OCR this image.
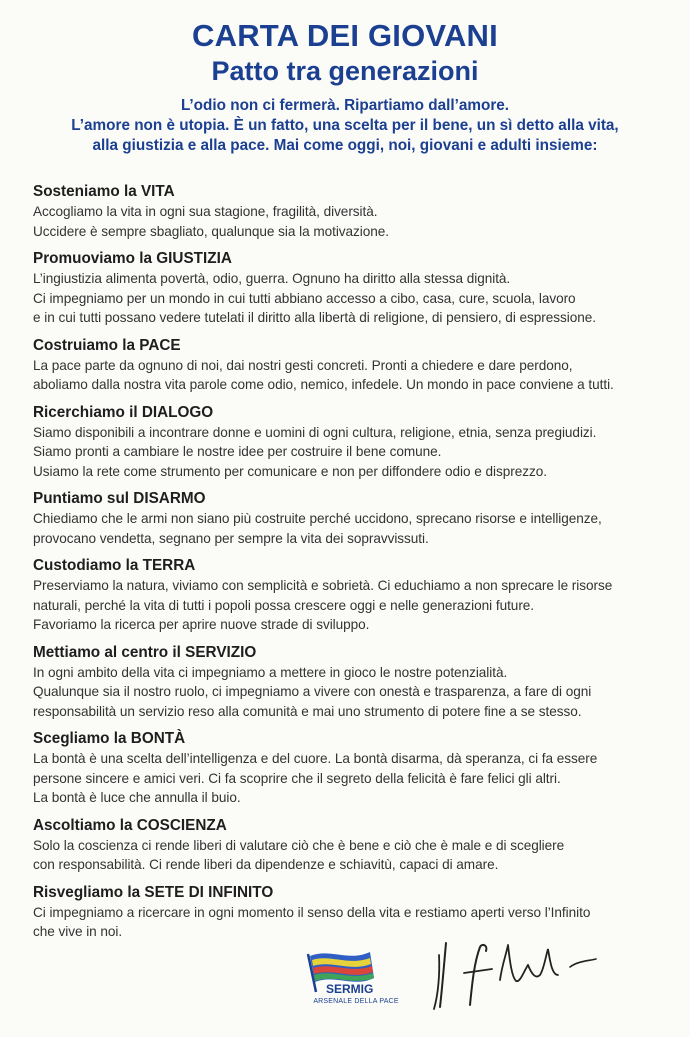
CARTA DEI GIOVANI
Patto tra generazioni
L’odio non ci fermerà. Ripartiamo dall’amore.
L’amore non è utopia. È un fatto, una scelta per il bene, un sì detto alla vita,
alla giustizia e alla pace. Mai come oggi, noi, giovani e adulti insieme:
Sosteniamo la VITA

Accogliamo la vita in ogni sua stagione, fragilità, diversità.

Uccidere è sempre sbagliato, qualunque sia la motivazione.

Promuoviamo la GIUSTIZIA

L’ingiustizia alimenta povertà, odio, guerra. Ognuno ha diritto alla stessa dignità.

Ci impegniamo per un mondo in cui tutti abbiano accesso a cibo, casa, cure, scuola, lavoro

e in cui tutti possano vedere tutelati il diritto alla libertà di religione, di pensiero, di espressione.

Costruiamo la PACE

La pace parte da ognuno di noi, dai nostri gesti concreti. Pronti a chiedere e dare perdono,

aboliamo dalla nostra vita parole come odio, nemico, infedele. Un mondo in pace conviene a tutti.

Ricerchiamo il DIALOGO

Siamo disponibili a incontrare donne e uomini di ogni cultura, religione, etnia, senza pregiudizi.

Siamo pronti a cambiare le nostre idee per costruire il bene comune.

Usiamo la rete come strumento per comunicare e non per diffondere odio e disprezzo.

Puntiamo sul DISARMO

Chiediamo che le armi non siano più costruite perché uccidono, sprecano risorse e intelligenze,

provocano vendetta, segnano per sempre la vita dei sopravvissuti.

Custodiamo la TERRA

Preserviamo la natura, viviamo con semplicità e sobrietà. Ci educhiamo a non sprecare le risorse

naturali, perché la vita di tutti i popoli possa crescere oggi e nelle generazioni future.

Favoriamo la ricerca per aprire nuove strade di sviluppo.

Mettiamo al centro il SERVIZIO

In ogni ambito della vita ci impegniamo a mettere in gioco le nostre potenzialità.

Qualunque sia il nostro ruolo, ci impegniamo a vivere con onestà e trasparenza, a fare di ogni

responsabilità un servizio reso alla comunità e mai uno strumento di potere fine a se stesso.

Scegliamo la BONTÀ

La bontà è una scelta dell’intelligenza e del cuore. La bontà disarma, dà speranza, ci fa essere

persone sincere e amici veri. Ci fa scoprire che il segreto della felicità è fare felici gli altri.

La bontà è luce che annulla il buio.

Ascoltiamo la COSCIENZA

Solo la coscienza ci rende liberi di valutare ciò che è bene e ciò che è male e di scegliere

con responsabilità. Ci rende liberi da dipendenze e schiavitù, capaci di amare.

Risvegliamo la SETE DI INFINITO

Ci impegniamo a ricercare in ogni momento il senso della vita e restiamo aperti verso l’Infinito

che vive in noi.

SERMIG
ARSENALE DELLA PACE
